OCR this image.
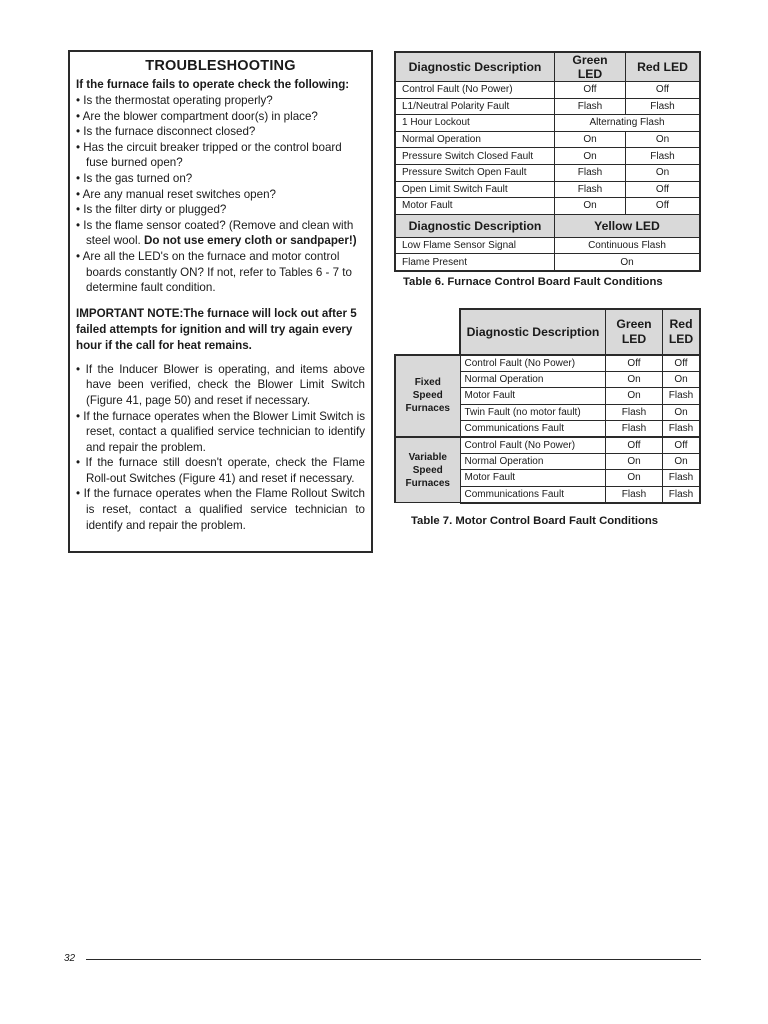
TROUBLESHOOTING
If the furnace fails to operate check the following:
• Is the thermostat operating properly?
• Are the blower compartment door(s) in place?
• Is the furnace disconnect closed?
• Has the circuit breaker tripped or the control board fuse burned open?
• Is the gas turned on?
• Are any manual reset switches open?
• Is the filter dirty or plugged?
• Is the flame sensor coated? (Remove and clean with steel wool. Do not use emery cloth or sandpaper!)
• Are all the LED's on the furnace and motor control boards constantly ON? If not, refer to Tables 6 - 7 to determine fault condition.
IMPORTANT NOTE:The furnace will lock out after 5 failed attempts for ignition and will try again every hour if the call for heat remains.
• If the Inducer Blower is operating, and items above have been verified, check the Blower Limit Switch (Figure 41, page 50) and reset if necessary.
• If the furnace operates when the Blower Limit Switch is reset, contact a qualified service technician to identify and repair the problem.
• If the furnace still doesn't operate, check the Flame Roll-out Switches (Figure 41) and reset if necessary.
• If the furnace operates when the Flame Rollout Switch is reset, contact a qualified service technician to identify and repair the problem.
Diagnostic Description	Green LED	Red LED
Control Fault (No Power)	Off	Off
L1/Neutral Polarity Fault	Flash	Flash
1 Hour Lockout	Alternating Flash	
Normal Operation	On	On
Pressure Switch Closed Fault	On	Flash
Pressure Switch Open Fault	Flash	On
Open Limit Switch Fault	Flash	Off
Motor Fault	On	Off
Diagnostic Description	Yellow LED	
Low Flame Sensor Signal	Continuous Flash	
Flame Present	On	
Table 6. Furnace Control Board Fault Conditions
	Diagnostic Description	Green LED	Red LED
Fixed Speed Furnaces	Control Fault (No Power)	Off	Off
	Normal Operation	On	On
	Motor Fault	On	Flash
	Twin Fault (no motor fault)	Flash	On
	Communications Fault	Flash	Flash
Variable Speed Furnaces	Control Fault (No Power)	Off	Off
	Normal Operation	On	On
	Motor Fault	On	Flash
	Communications Fault	Flash	Flash
Table 7. Motor Control Board Fault Conditions
32
